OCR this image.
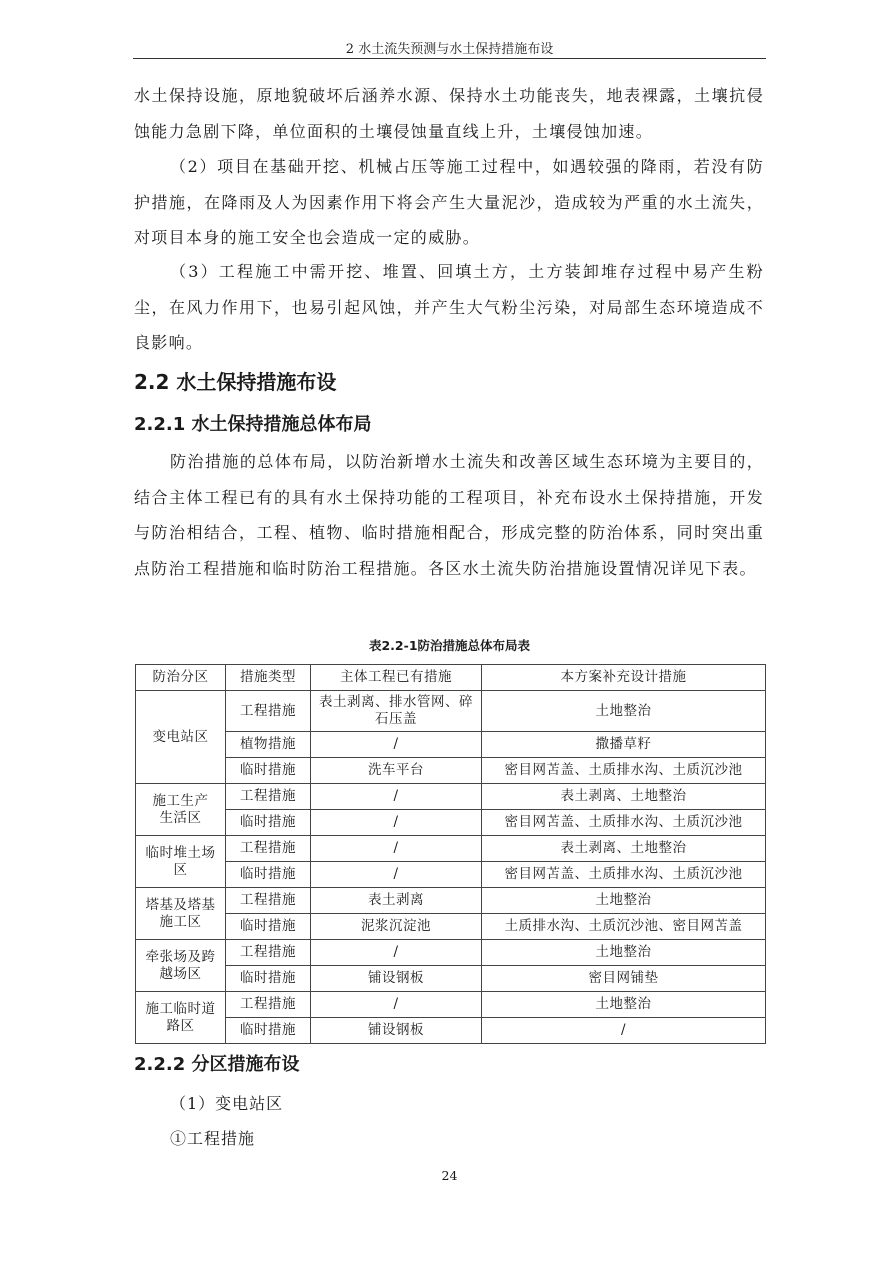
2 水土流失预测与水土保持措施布设

水土保持设施，原地貌破坏后涵养水源、保持水土功能丧失，地表裸露，土壤抗侵蚀能力急剧下降，单位面积的土壤侵蚀量直线上升，土壤侵蚀加速。

（2）项目在基础开挖、机械占压等施工过程中，如遇较强的降雨，若没有防护措施，在降雨及人为因素作用下将会产生大量泥沙，造成较为严重的水土流失，对项目本身的施工安全也会造成一定的威胁。

（3）工程施工中需开挖、堆置、回填土方，土方装卸堆存过程中易产生粉尘，在风力作用下，也易引起风蚀，并产生大气粉尘污染，对局部生态环境造成不良影响。

2.2 水土保持措施布设
2.2.1 水土保持措施总体布局

防治措施的总体布局，以防治新增水土流失和改善区域生态环境为主要目的，结合主体工程已有的具有水土保持功能的工程项目，补充布设水土保持措施，开发与防治相结合，工程、植物、临时措施相配合，形成完整的防治体系，同时突出重点防治工程措施和临时防治工程措施。各区水土流失防治措施设置情况详见下表。

表2.2-1防治措施总体布局表
防治分区	措施类型	主体工程已有措施	本方案补充设计措施
变电站区	工程措施	表土剥离、排水管网、碎石压盖	土地整治
	植物措施	/	撒播草籽
	临时措施	洗车平台	密目网苫盖、土质排水沟、土质沉沙池
施工生产生活区	工程措施	/	表土剥离、土地整治
	临时措施	/	密目网苫盖、土质排水沟、土质沉沙池
临时堆土场区	工程措施	/	表土剥离、土地整治
	临时措施	/	密目网苫盖、土质排水沟、土质沉沙池
塔基及塔基施工区	工程措施	表土剥离	土地整治
	临时措施	泥浆沉淀池	土质排水沟、土质沉沙池、密目网苫盖
牵张场及跨越场区	工程措施	/	土地整治
	临时措施	铺设钢板	密目网铺垫
施工临时道路区	工程措施	/	土地整治
	临时措施	铺设钢板	/
2.2.2 分区措施布设

（1）变电站区

①工程措施

24
